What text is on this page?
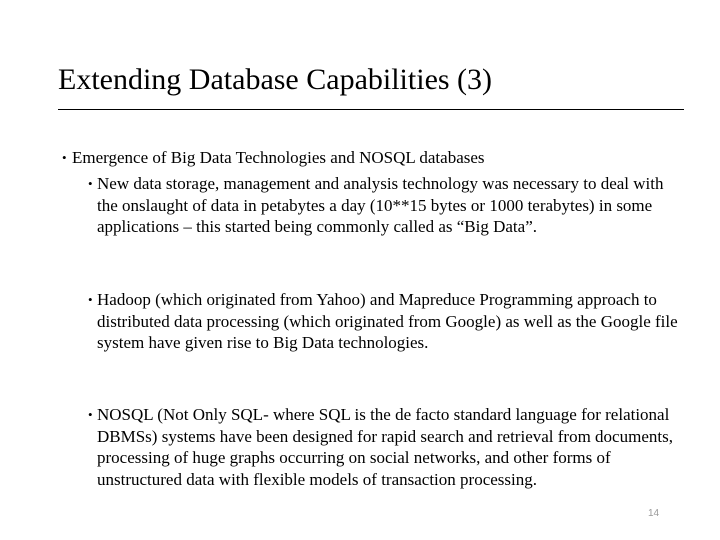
Extending Database Capabilities (3)
• Emergence of Big Data Technologies and NOSQL databases
• New data storage, management and analysis technology was necessary to deal with the onslaught of data in petabytes a day (10**15 bytes or 1000 terabytes) in some applications – this started being commonly called as “Big Data”.
• Hadoop (which originated from Yahoo) and Mapreduce Programming approach to distributed data processing (which originated from Google) as well as the Google file system have given rise to Big Data technologies.
• NOSQL (Not Only SQL- where SQL is the de facto standard language for relational DBMSs) systems have been designed for rapid search and retrieval from documents, processing of huge graphs occurring on social networks, and other forms of unstructured data with flexible models of transaction processing.
14
